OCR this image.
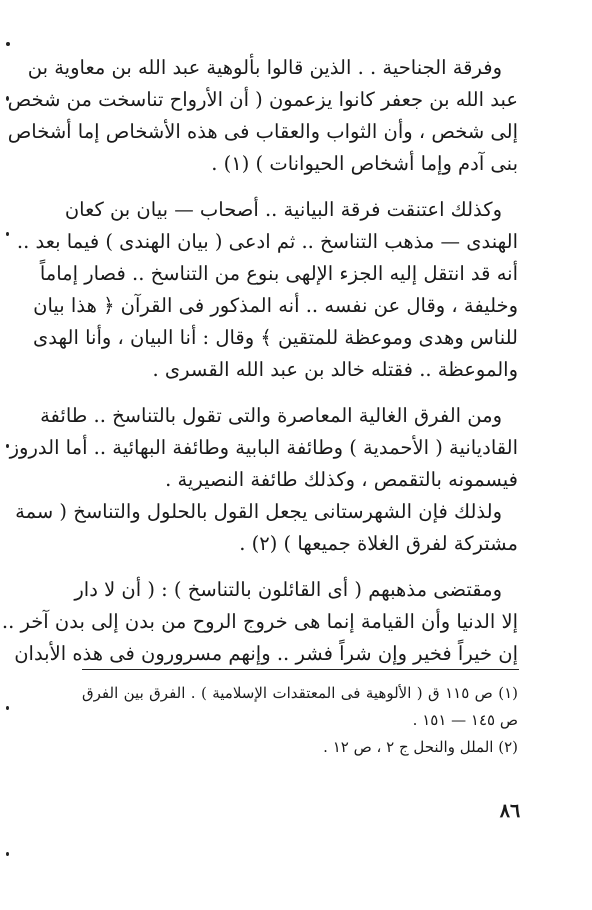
وفرقة الجناحية . . الذين قالوا بألوهية عبد الله بن معاوية بن
عبد الله بن جعفر كانوا يزعمون ( أن الأرواح تناسخت من شخص
إلى شخص ، وأن الثواب والعقاب فى هذه الأشخاص إما أشخاص
بنى آدم وإما أشخاص الحيوانات ) (١) .
وكذلك اعتنقت فرقة البيانية .. أصحاب — بيان بن كعان
الهندى — مذهب التناسخ .. ثم ادعى ( بيان الهندى ) فيما بعد ..
أنه قد انتقل إليه الجزء الإلهى بنوع من التناسخ .. فصار إماماً
وخليفة ، وقال عن نفسه .. أنه المذكور فى القرآن ﴿ هذا بيان
للناس وهدى وموعظة للمتقين ﴾ وقال : أنا البيان ، وأنا الهدى
والموعظة .. فقتله خالد بن عبد الله القسرى .
ومن الفرق الغالية المعاصرة والتى تقول بالتناسخ .. طائفة
القاديانية ( الأحمدية ) وطائفة البابية وطائفة البهائية .. أما الدروز
فيسمونه بالتقمص ، وكذلك طائفة النصيرية .
ولذلك فإن الشهرستانى يجعل القول بالحلول والتناسخ ( سمة
مشتركة لفرق الغلاة جميعها ) (٢) .
ومقتضى مذهبهم ( أى القائلون بالتناسخ ) : ( أن لا دار
إلا الدنيا وأن القيامة إنما هى خروج الروح من بدن إلى بدن آخر ..
إن خيراً فخير وإن شراً فشر .. وإنهم مسرورون فى هذه الأبدان
(١) ص ١١٥ ق ( الألوهية فى المعتقدات الإسلامية ) . الفرق بين الفرق
ص ١٤٥ — ١٥١ .
(٢) الملل والنحل ج ٢ ، ص ١٢ .
٨٦
